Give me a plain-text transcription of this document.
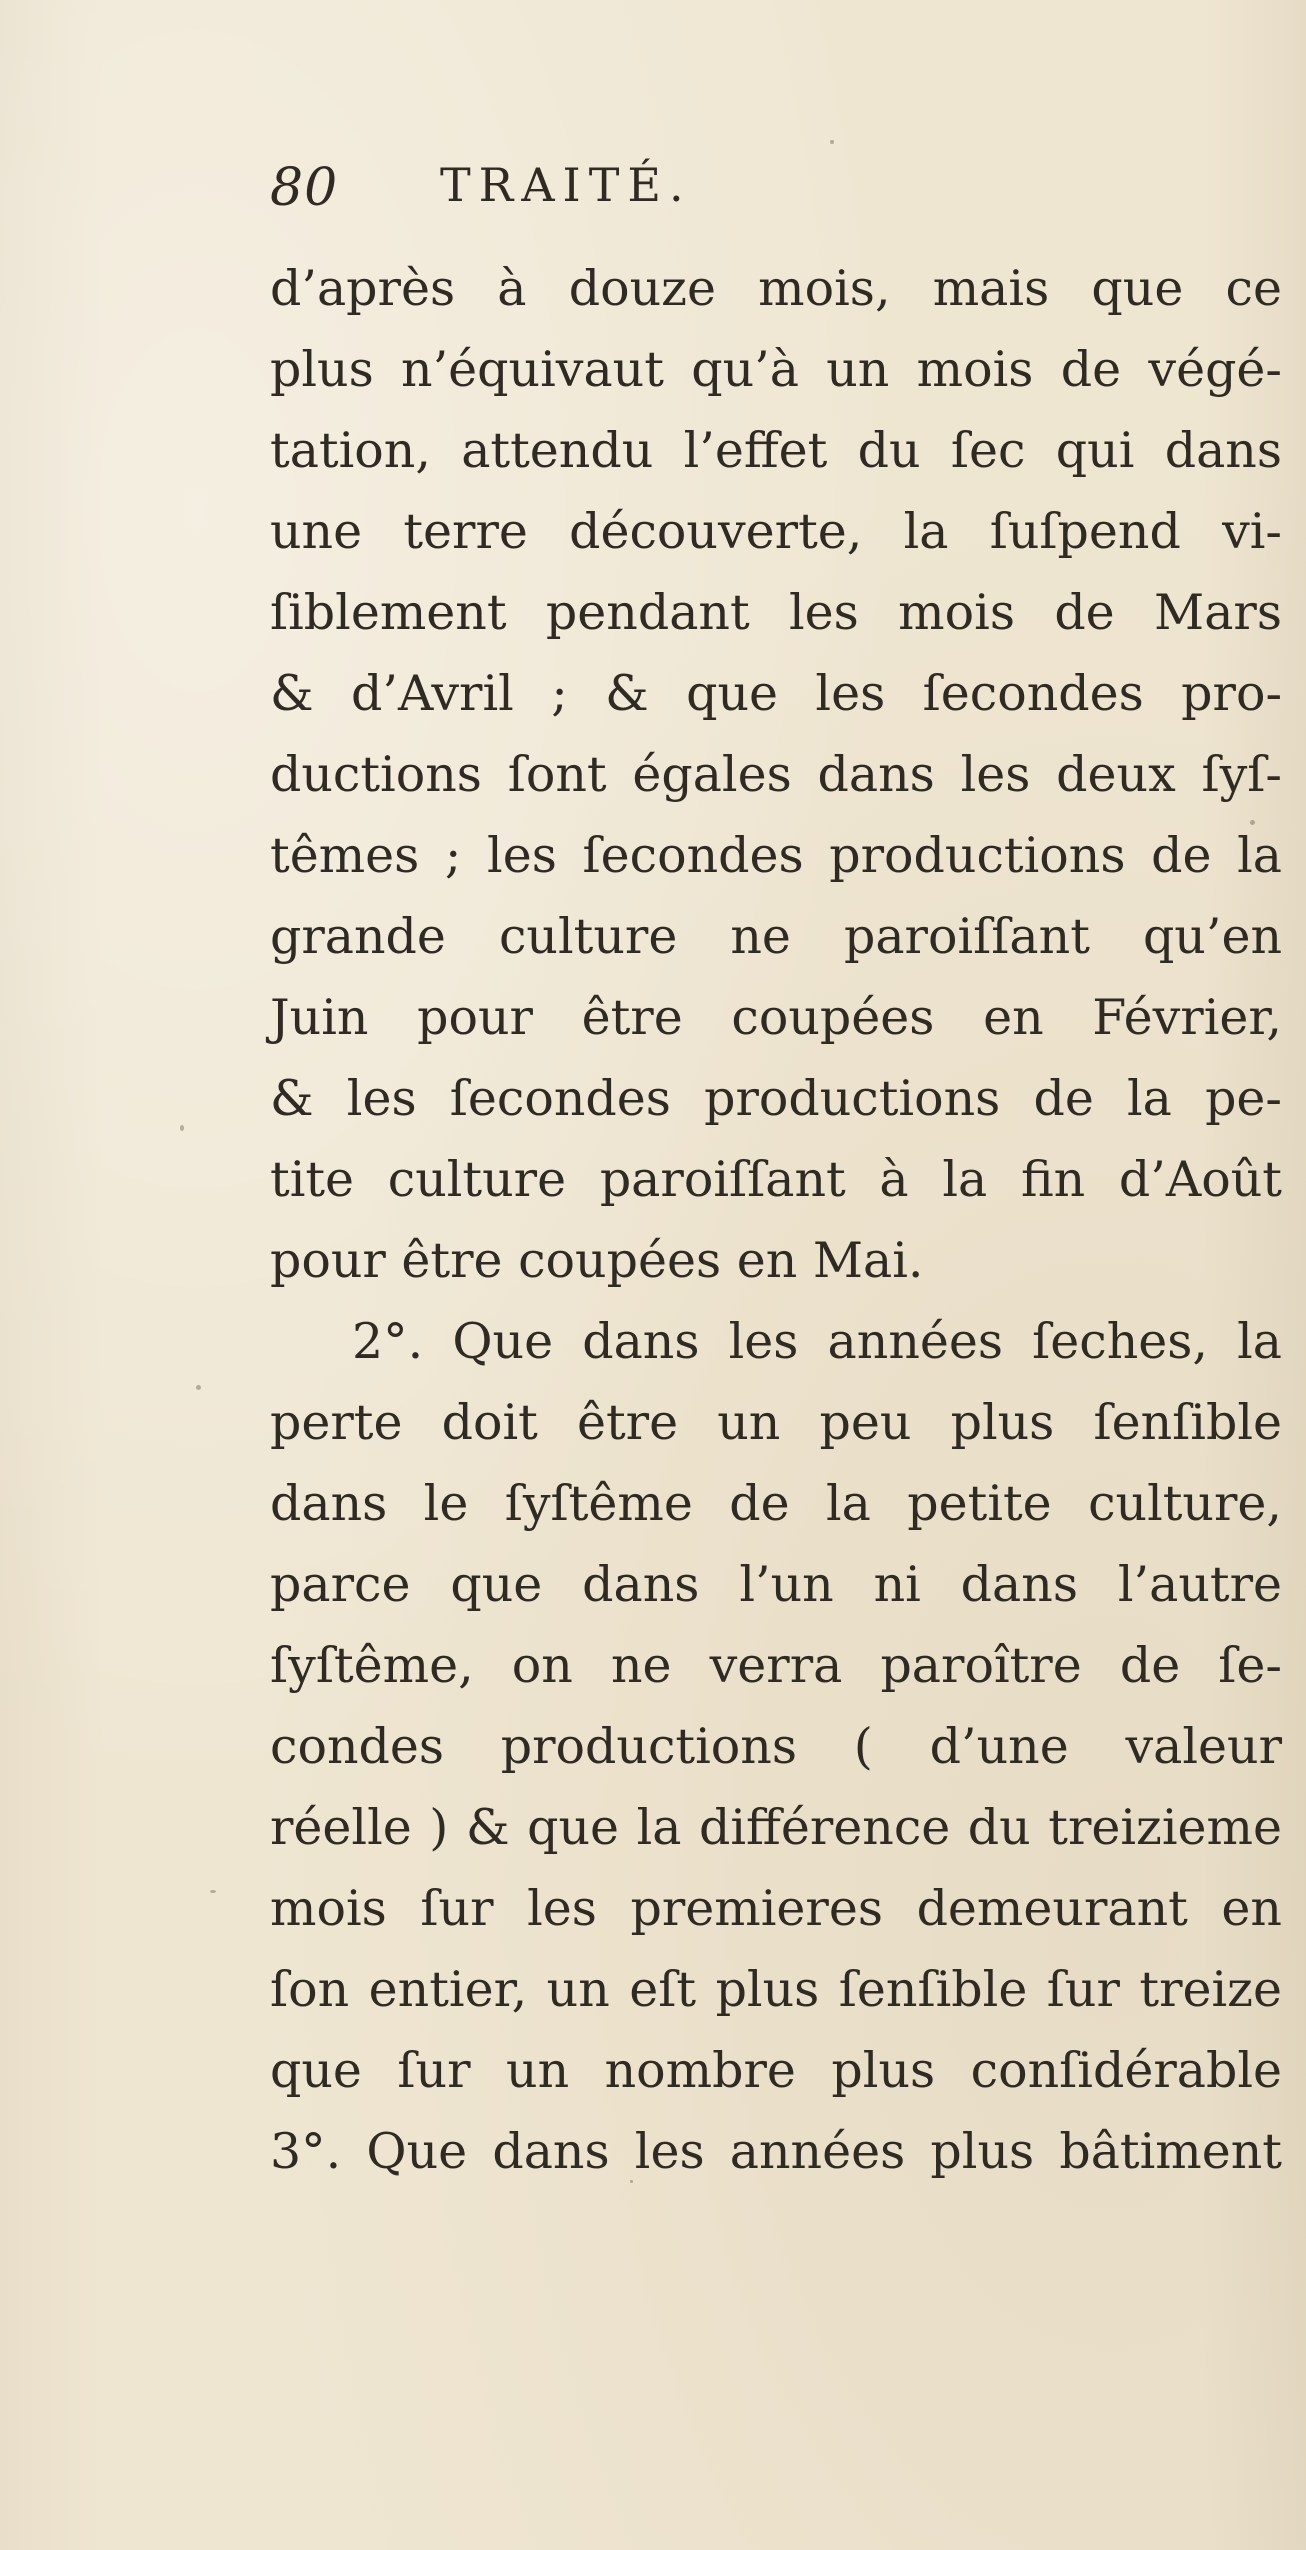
80 TRAITÉ.
d’après à douze mois, mais que ce
plus n’équivaut qu’à un mois de végé-
tation, attendu l’effet du ſec qui dans
une terre découverte, la ſuſpend vi-
ſiblement pendant les mois de Mars
& d’Avril ; & que les ſecondes pro-
ductions ſont égales dans les deux ſyſ-
têmes ; les ſecondes productions de la
grande culture ne paroiſſant qu’en
Juin pour être coupées en Février,
& les ſecondes productions de la pe-
tite culture paroiſſant à la fin d’Août
pour être coupées en Mai.
2°. Que dans les années ſeches, la
perte doit être un peu plus ſenſible
dans le ſyſtême de la petite culture,
parce que dans l’un ni dans l’autre
ſyſtême, on ne verra paroître de ſe-
condes productions ( d’une valeur
réelle ) & que la différence du treizieme
mois ſur les premieres demeurant en
ſon entier, un eſt plus ſenſible ſur treize
que ſur un nombre plus conſidérable
3°. Que dans les années plus bâtiment
